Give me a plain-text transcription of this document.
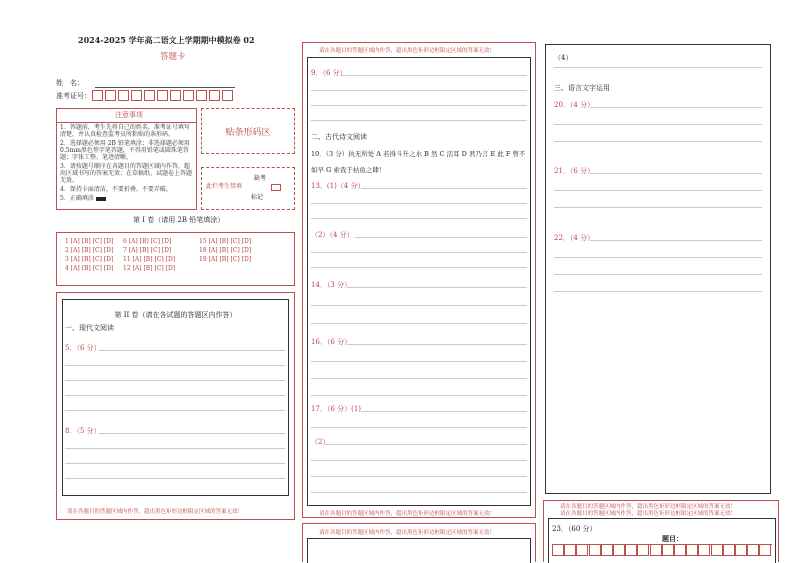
2024-2025 学年高二语文上学期期中模拟卷 02
答题卡
姓　名：
准考证号：
注意事项
1．答题前，考生先将自己的姓名，准考证号填写清楚，并认真检查监考员所粘贴的条形码。
2．选择题必须用 2B 铅笔填涂；非选择题必须用 0.5mm黑色签字笔答题，不得用铅笔或圆珠笔答题；字体工整、笔迹清晰。
3．请按题号顺序在各题目的答题区域内作答，超出区域书写的答案无效；在草稿纸、试题卷上答题无效。
4．保持卡面清洁，不要折叠、不要弄破。
5．正确填涂
贴条形码区
此栏考生禁填
缺考
标记
第 I 卷（请用 2B 铅笔填涂）
1 [A] [B] [C] [D]
2 [A] [B] [C] [D]
3 [A] [B] [C] [D]
4 [A] [B] [C] [D]
6 [A] [B] [C] [D]
7 [A] [B] [C] [D]
11 [A] [B] [C] [D]
12 [A] [B] [C] [D]
15 [A] [B] [C] [D]
18 [A] [B] [C] [D]
19 [A] [B] [C] [D]
第 II 卷（请在各试题的答题区内作答）
一、现代文阅读
5．（6 分）
8．（5 分）
请在各题目的答题区域内作答，超出黑色矩形边框限定区域的答案无效！
请在各题目的答题区域内作答，超出黑色矩形边框限定区域的答案无效！
9．（6 分）
二、古代诗文阅读
10．（3 分）执无所处 A 若得斗升之水 B 然 C 活耳 D 君乃言 E 此 F 曾不
如早 G 索我于枯鱼之肆！
13．(1)（4 分）
（2）（4 分）
14．（3 分）
16．（6 分）
17．（6 分）(1)
（2）
请在各题目的答题区域内作答，超出黑色矩形边框限定区域的答案无效！
请在各题目的答题区域内作答，超出黑色矩形边框限定区域的答案无效！
（4）
三、语言文字运用
20．（4 分）
21．（6 分）
22．（4 分）
请在各题目的答题区域内作答，超出黑色矩形边框限定区域的答案无效！
请在各题目的答题区域内作答，超出黑色矩形边框限定区域的答案无效！
23．（60 分）
题目：
